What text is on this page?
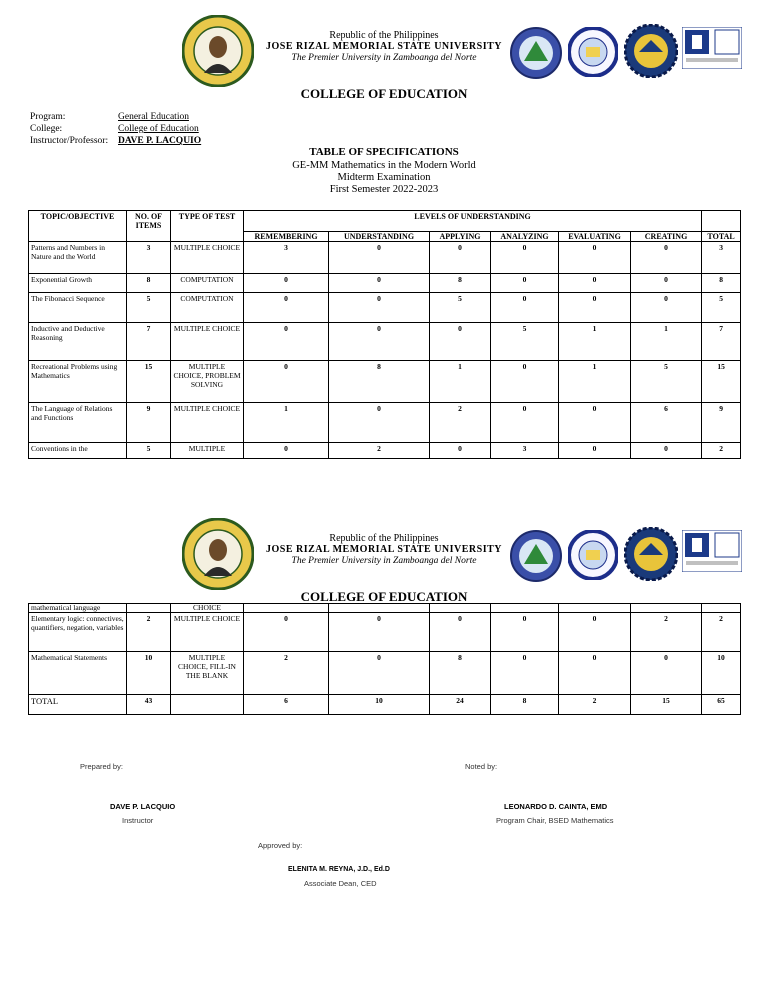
Republic of the Philippines
JOSE RIZAL MEMORIAL STATE UNIVERSITY
The Premier University in Zamboanga del Norte
COLLEGE OF EDUCATION
Program:	General Education
College:	College of Education
Instructor/Professor: DAVE P. LACQUIO
TABLE OF SPECIFICATIONS
GE-MM Mathematics in the Modern World
Midterm Examination
First Semester 2022-2023
TOPIC/OBJECTIVE	NO. OF ITEMS	TYPE OF TEST	LEVELS OF UNDERSTANDING						
			REMEMBERING	UNDERSTANDING	APPLYING	ANALYZING	EVALUATING	CREATING	TOTAL
Patterns and Numbers in Nature and the World	3	MULTIPLE CHOICE	3	0	0	0	0	0	3
Exponential Growth	8	COMPUTATION	0	0	8	0	0	0	8
The Fibonacci Sequence	5	COMPUTATION	0	0	5	0	0	0	5
Inductive and Deductive Reasoning	7	MULTIPLE CHOICE	0	0	0	5	1	1	7
Recreational Problems using Mathematics	15	MULTIPLE CHOICE, PROBLEM SOLVING	0	8	1	0	1	5	15
The Language of Relations and Functions	9	MULTIPLE CHOICE	1	0	2	0	0	6	9
Conventions in the	5	MULTIPLE	0	2	0	3	0	0	2
Republic of the Philippines
JOSE RIZAL MEMORIAL STATE UNIVERSITY
The Premier University in Zamboanga del Norte
COLLEGE OF EDUCATION
mathematical language		CHOICE							
Elementary logic: connectives, quantifiers, negation, variables	2	MULTIPLE CHOICE	0	0	0	0	0	2	2
Mathematical Statements	10	MULTIPLE CHOICE, FILL-IN THE BLANK	2	0	8	0	0	0	10
TOTAL	43		6	10	24	8	2	15	65
Prepared by:
DAVE P. LACQUIO
Instructor
Noted by:
LEONARDO D. CAINTA, EMD
Program Chair, BSED Mathematics
Approved by:
ELENITA M. REYNA, J.D., Ed.D
Associate Dean, CED
